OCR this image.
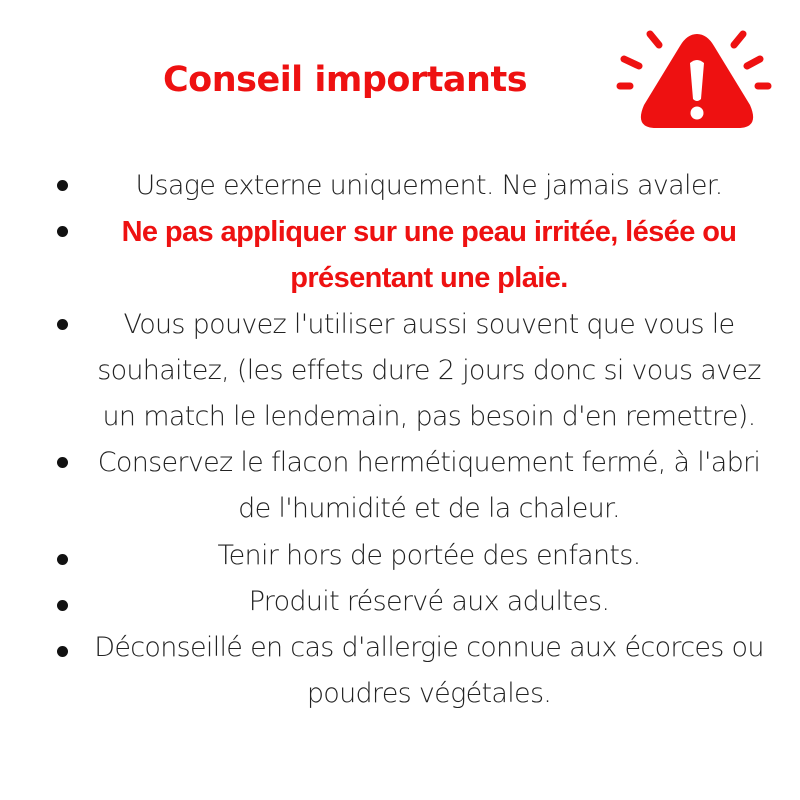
Conseil importants

Usage externe uniquement. Ne jamais avaler.

Ne pas appliquer sur une peau irritée, lésée ou présentant une plaie.

Vous pouvez l'utiliser aussi souvent que vous le souhaitez, (les effets dure 2 jours donc si vous avez un match le lendemain, pas besoin d'en remettre).

Conservez le flacon hermétiquement fermé, à l'abri de l'humidité et de la chaleur.

Tenir hors de portée des enfants.

Produit réservé aux adultes.

Déconseillé en cas d'allergie connue aux écorces ou poudres végétales.
